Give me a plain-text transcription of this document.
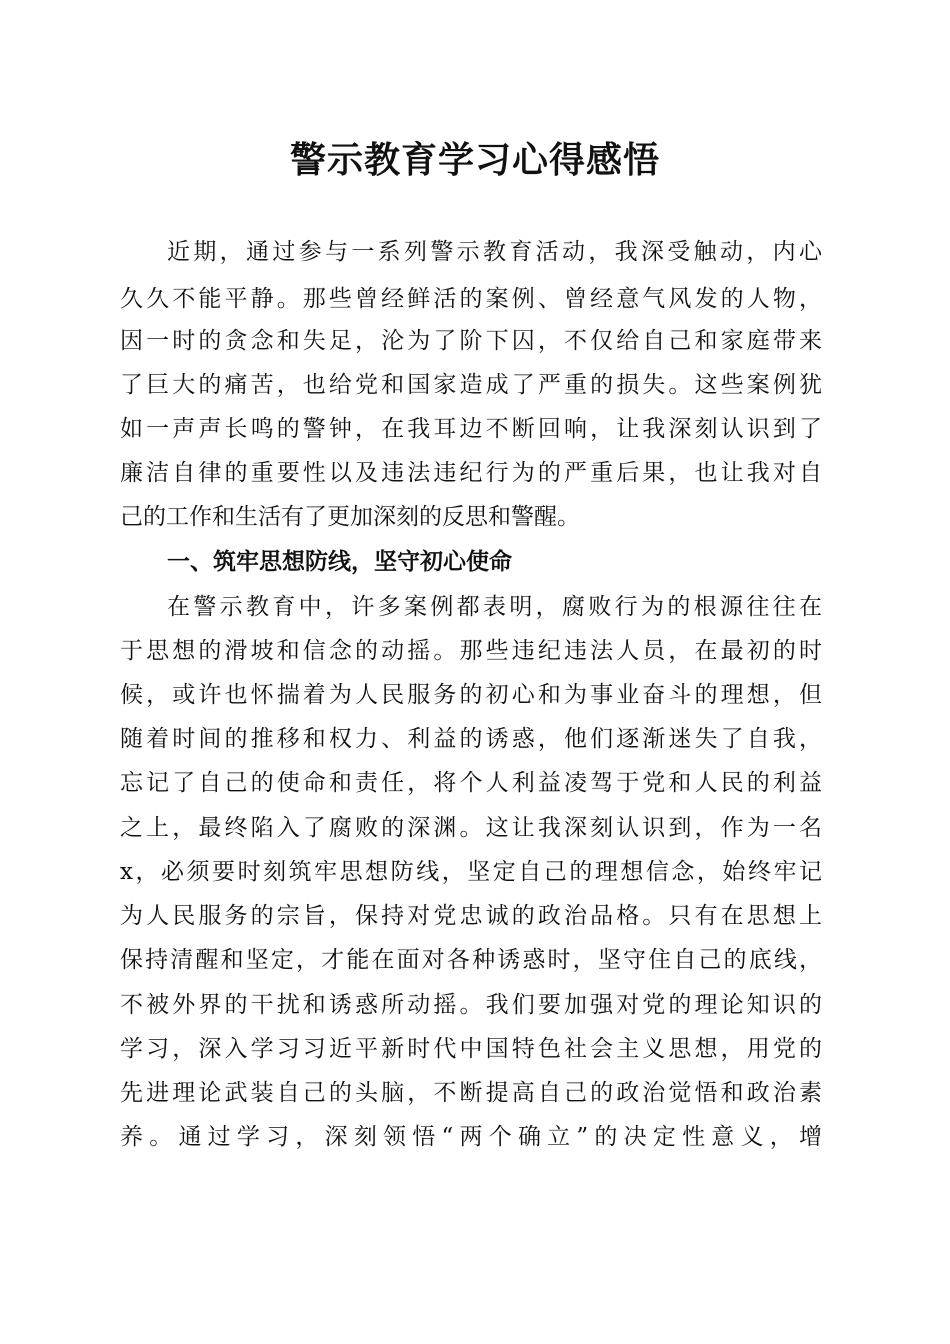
警示教育学习心得感悟
近期，通过参与一系列警示教育活动，我深受触动，内心
久久不能平静。那些曾经鲜活的案例、曾经意气风发的人物，
因一时的贪念和失足，沦为了阶下囚，不仅给自己和家庭带来
了巨大的痛苦，也给党和国家造成了严重的损失。这些案例犹
如一声声长鸣的警钟，在我耳边不断回响，让我深刻认识到了
廉洁自律的重要性以及违法违纪行为的严重后果，也让我对自
己的工作和生活有了更加深刻的反思和警醒。
一、筑牢思想防线，坚守初心使命
在警示教育中，许多案例都表明，腐败行为的根源往往在
于思想的滑坡和信念的动摇。那些违纪违法人员，在最初的时
候，或许也怀揣着为人民服务的初心和为事业奋斗的理想，但
随着时间的推移和权力、利益的诱惑，他们逐渐迷失了自我，
忘记了自己的使命和责任，将个人利益凌驾于党和人民的利益
之上，最终陷入了腐败的深渊。这让我深刻认识到，作为一名
x，必须要时刻筑牢思想防线，坚定自己的理想信念，始终牢记
为人民服务的宗旨，保持对党忠诚的政治品格。只有在思想上
保持清醒和坚定，才能在面对各种诱惑时，坚守住自己的底线，
不被外界的干扰和诱惑所动摇。我们要加强对党的理论知识的
学习，深入学习习近平新时代中国特色社会主义思想，用党的
先进理论武装自己的头脑，不断提高自己的政治觉悟和政治素
养。通过学习，深刻领悟“两个确立”的决定性意义，增
